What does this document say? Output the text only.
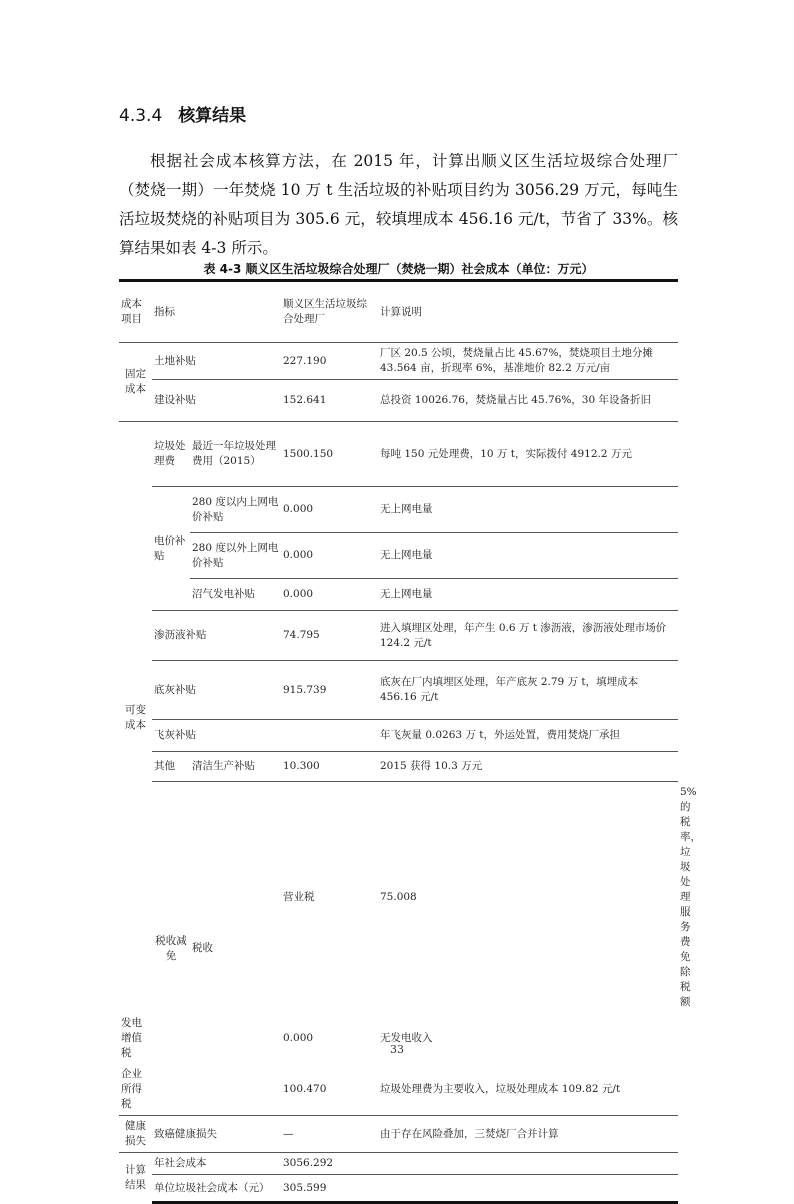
4.3.4 核算结果
根据社会成本核算方法，在 2015 年，计算出顺义区生活垃圾综合处理厂（焚烧一期）一年焚烧 10 万 t 生活垃圾的补贴项目约为 3056.29 万元，每吨生活垃圾焚烧的补贴项目为 305.6 元，较填埋成本 456.16 元/t，节省了 33%。核算结果如表 4-3 所示。
表 4-3 顺义区生活垃圾综合处理厂（焚烧一期）社会成本（单位：万元）
成本项目	指标		顺义区生活垃圾综合处理厂	计算说明	
固定成本	土地补贴		227.190	厂区 20.5 公顷，焚烧量占比 45.67%，焚烧项目土地分摊 43.564 亩，折现率 6%，基准地价 82.2 万元/亩	
	建设补贴		152.641	总投资 10026.76，焚烧量占比 45.76%，30 年设备折旧	
可变成本	垃圾处理费	最近一年垃圾处理费用（2015）	1500.150	每吨 150 元处理费，10 万 t，实际拨付 4912.2 万元	
	电价补贴	280 度以内上网电价补贴	0.000	无上网电量	
		280 度以外上网电价补贴	0.000	无上网电量	
		沼气发电补贴	0.000	无上网电量	
	渗沥液补贴		74.795	进入填埋区处理，年产生 0.6 万 t 渗沥液，渗沥液处理市场价 124.2 元/t	
	底灰补贴		915.739	底灰在厂内填埋区处理，年产底灰 2.79 万 t，填埋成本 456.16 元/t	
	飞灰补贴			年飞灰量 0.0263 万 t，外运处置，费用焚烧厂承担	
	其他	清洁生产补贴	10.300	2015 获得 10.3 万元	
	税收减免	税收	营业税	75.008	5%的税率，垃圾处理服务费免除税额
发电增值税			0.000	无发电收入	
企业所得税			100.470	垃圾处理费为主要收入，垃圾处理成本 109.82 元/t	
健康损失	致癌健康损失		—	由于存在风险叠加，三焚烧厂合并计算	
计算结果	年社会成本		3056.292		
	单位垃圾社会成本（元）		305.599		
33
